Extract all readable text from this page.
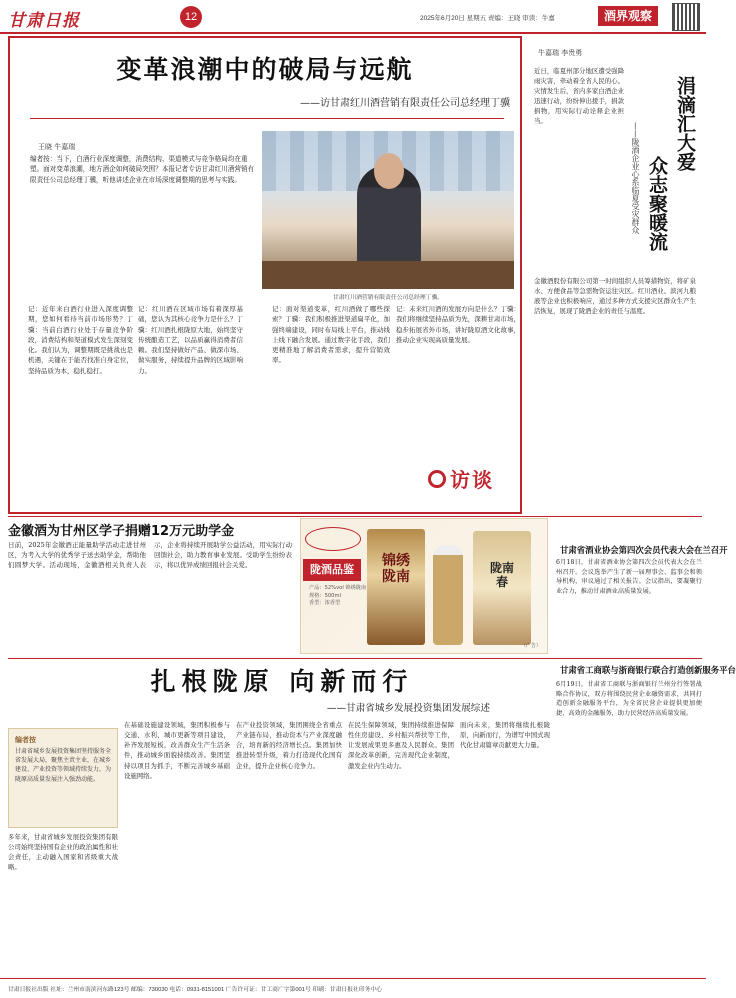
甘肃日报	12	2025年6月20日 星期五 责编：王晓 审读：牛嘉	酒界观察
变革浪潮中的破局与远航
——访甘肃红川酒营销有限责任公司总经理丁骥
王晓 牛嘉瑞
编者按：当下，白酒行业深度调整，消费结构、渠道模式与竞争格局均在重塑。面对变革浪潮，地方酒企如何破局突围？本报记者专访甘肃红川酒营销有限责任公司总经理丁骥，听他讲述企业在市场深度调整期的思考与实践。
甘肃红川酒营销有限责任公司总经理丁骥。
记：近年来白酒行业进入深度调整期，您如何看待当前市场形势？丁骥：当前白酒行业处于存量竞争阶段，消费结构和渠道模式发生深刻变化。我们认为，调整期既是挑战也是机遇，关键在于能否找准自身定位，坚持品质为本，稳扎稳打。
记：红川酒在区域市场有着深厚基础，您认为其核心竞争力是什么？丁骥：红川酒扎根陇原大地，始终坚守传统酿造工艺，以品质赢得消费者信赖。我们坚持做好产品、做深市场、做实服务，持续提升品牌的区域影响力。
记：面对渠道变革，红川酒做了哪些探索？丁骥：我们积极推进渠道扁平化，加强终端建设，同时布局线上平台，推动线上线下融合发展。通过数字化手段，我们更精准地了解消费者需求，提升营销效率。
记：未来红川酒的发展方向是什么？丁骥：我们将继续坚持品质为先，深耕甘肃市场，稳步拓展省外市场，讲好陇原酒文化故事，推动企业实现高质量发展。
访谈
牛嘉瑞 李贵勇
涓滴汇大爱
众志聚暖流
——陇酒企业心系临夏受灾群众
近日，临夏州部分地区遭受强降雨灾害，牵动着全省人民的心。灾情发生后，省内多家白酒企业迅速行动，纷纷伸出援手，捐款捐物，用实际行动诠释企业担当。
金徽酒股份有限公司第一时间组织人员筹措物资，将矿泉水、方便食品等急需物资运往灾区。红川酒业、滨河九粮液等企业也积极响应，通过多种方式支援灾区群众生产生活恢复，展现了陇酒企业的责任与温度。
金徽酒为甘州区学子捐赠12万元助学金
日前，2025年金徽酒正能量助学活动走进甘州区，为考入大学的优秀学子送去助学金，帮助他们圆梦大学。活动现场，金徽酒相关负责人表示，企业将持续开展助学公益活动，用实际行动回馈社会，助力教育事业发展。受助学生纷纷表示，将以优异成绩回报社会关爱。	陇酒品鉴
产品：52%vol 锦绣陇南
规格：500ml
香型：浓香型
锦绣陇南
陇南春
（广告）
甘肃省酒业协会第四次会员代表大会在兰召开
6月18日，甘肃省酒业协会第四次会员代表大会在兰州召开。会议选举产生了新一届理事会、监事会和领导机构，审议通过了相关报告。会议指出，要凝聚行业合力，推动甘肃酒业高质量发展。
扎根陇原 向新而行
——甘肃省城乡发展投资集团发展综述
编者按
甘肃省城乡发展投资集团坚持服务全省发展大局，聚焦主责主业，在城乡建设、产业投资等领域持续发力，为陇原高质量发展注入强劲动能。
多年来，甘肃省城乡发展投资集团有限公司始终坚持国有企业的政治属性和社会责任，主动融入国家和省级重大战略。
在基础设施建设领域，集团积极参与交通、水利、城市更新等项目建设，补齐发展短板，改善群众生产生活条件，推动城乡面貌持续改善。集团坚持以项目为抓手，不断完善城乡基础设施网络。
在产业投资领域，集团围绕全省重点产业链布局，推动资本与产业深度融合，培育新的经济增长点。集团加快推进转型升级，着力打造现代化国有企业，提升企业核心竞争力。
在民生保障领域，集团持续推进保障性住房建设、乡村振兴帮扶等工作，让发展成果更多惠及人民群众。集团深化改革创新，完善现代企业制度，激发企业内生动力。
面向未来，集团将继续扎根陇原，向新而行，为谱写中国式现代化甘肃篇章贡献更大力量。
甘肃省工商联与浙商银行联合打造创新服务平台
6月19日，甘肃省工商联与浙商银行兰州分行签署战略合作协议，双方将围绕民营企业融资需求，共同打造创新金融服务平台，为全省民营企业提供更加便捷、高效的金融服务，助力民营经济高质量发展。
甘肃日报社出版 社址：兰州市南滨河东路123号 邮编：730030 电话：0931-8151001 广告许可证：甘工商广字第001号 印刷：甘肃日报社印务中心
